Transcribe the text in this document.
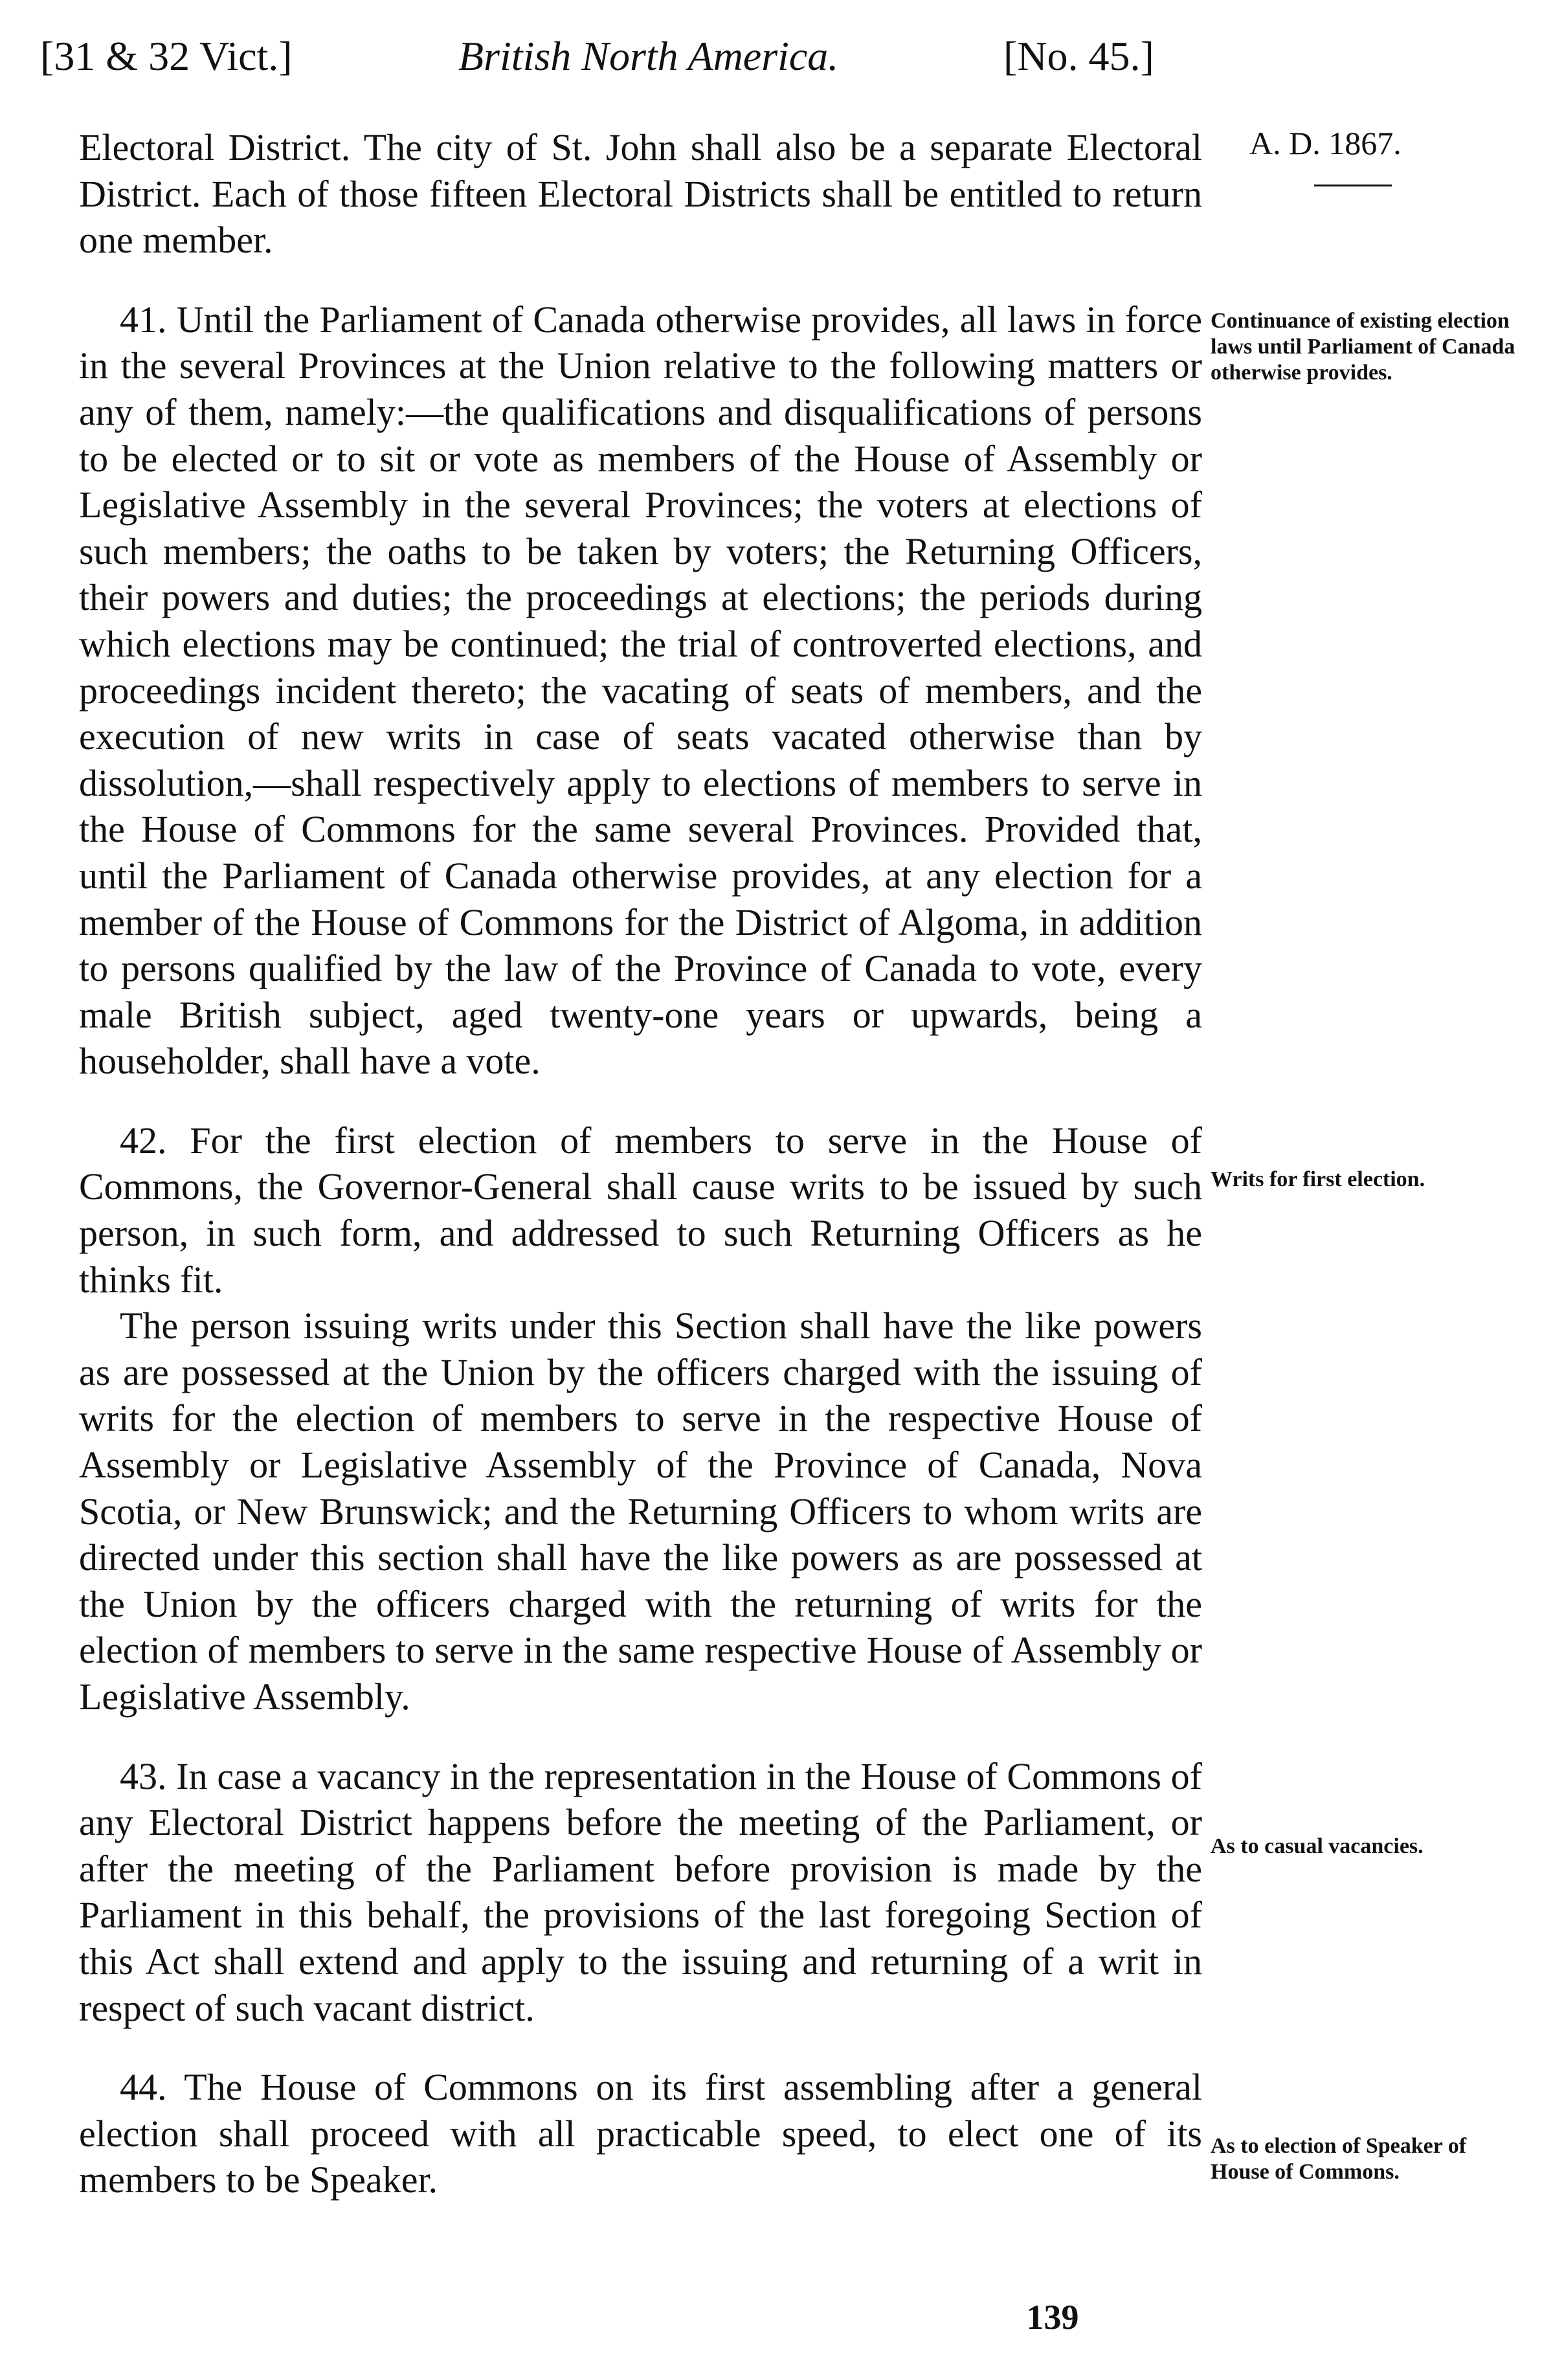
[31 & 32 Vict.]	British North America.	[No. 45.]
A. D. 1867.

Electoral District. The city of St. John shall also be a separate Electoral District. Each of those fifteen Electoral Districts shall be entitled to return one member.

41. Until the Parliament of Canada otherwise provides, all laws in force in the several Provinces at the Union relative to the following matters or any of them, namely:—the qualifications and disqualifications of persons to be elected or to sit or vote as members of the House of Assembly or Legislative Assembly in the several Provinces; the voters at elections of such members; the oaths to be taken by voters; the Returning Officers, their powers and duties; the proceedings at elections; the periods during which elections may be continued; the trial of controverted elections, and proceedings incident thereto; the vacating of seats of members, and the execution of new writs in case of seats vacated otherwise than by dissolution,—shall respectively apply to elections of members to serve in the House of Commons for the same several Provinces. Provided that, until the Parliament of Canada otherwise provides, at any election for a member of the House of Commons for the District of Algoma, in addition to persons qualified by the law of the Province of Canada to vote, every male British subject, aged twenty-one years or upwards, being a householder, shall have a vote.

42. For the first election of members to serve in the House of Commons, the Governor-General shall cause writs to be issued by such person, in such form, and addressed to such Returning Officers as he thinks fit.

The person issuing writs under this Section shall have the like powers as are possessed at the Union by the officers charged with the issuing of writs for the election of members to serve in the respective House of Assembly or Legislative Assembly of the Province of Canada, Nova Scotia, or New Brunswick; and the Returning Officers to whom writs are directed under this section shall have the like powers as are possessed at the Union by the officers charged with the returning of writs for the election of members to serve in the same respective House of Assembly or Legislative Assembly.

43. In case a vacancy in the representation in the House of Commons of any Electoral District happens before the meeting of the Parliament, or after the meeting of the Parliament before provision is made by the Parliament in this behalf, the provisions of the last foregoing Section of this Act shall extend and apply to the issuing and returning of a writ in respect of such vacant district.

44. The House of Commons on its first assembling after a general election shall proceed with all practicable speed, to elect one of its members to be Speaker.

Continuance of existing election laws until Parliament of Canada otherwise provides.
Writs for first election.
As to casual vacancies.
As to election of Speaker of House of Commons.
139
